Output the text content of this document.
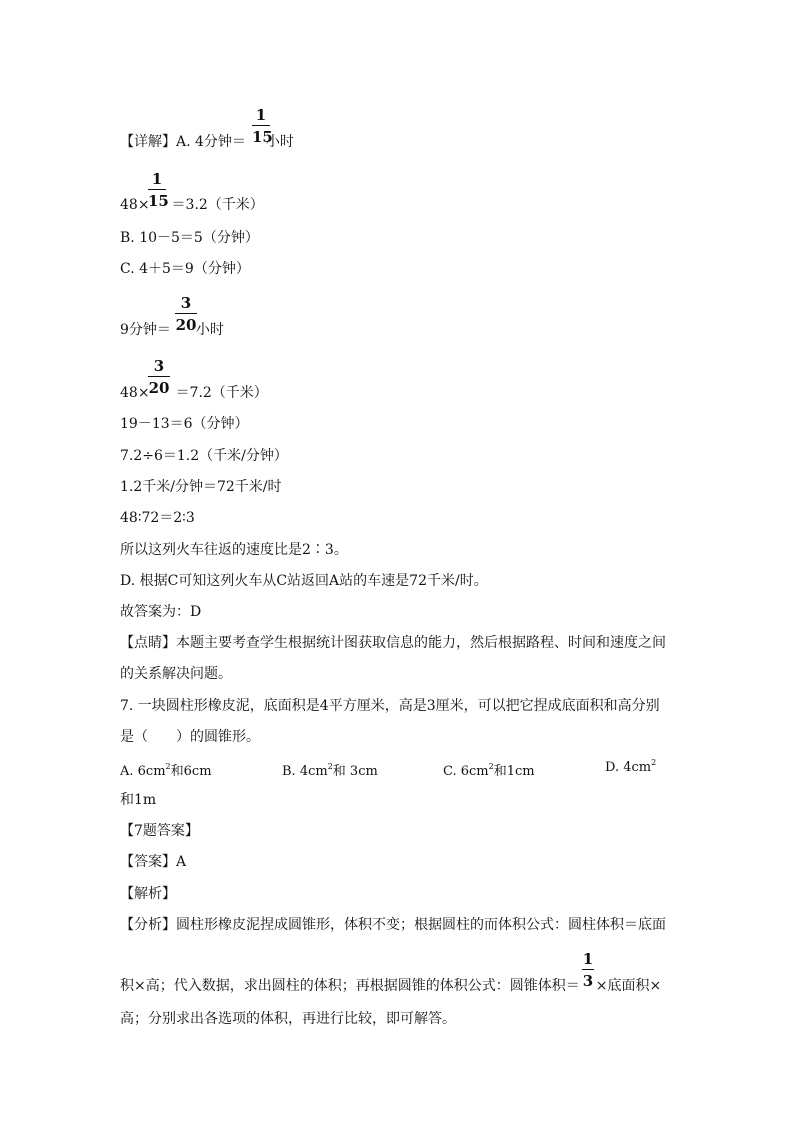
1
15
【详解】A. 4分钟＝ 小时
1
15
48× ＝3.2（千米）
B. 10－5＝5（分钟）
C. 4＋5＝9（分钟）
3
20
9分钟＝ 小时
3
20
48× ＝7.2（千米）
19－13＝6（分钟）
7.2÷6＝1.2（千米/分钟）
1.2千米/分钟＝72千米/时
48∶72＝2∶3
所以这列火车往返的速度比是2∶3。
D. 根据C可知这列火车从C站返回A站的车速是72千米/时。
故答案为：D
【点睛】本题主要考查学生根据统计图获取信息的能力，然后根据路程、时间和速度之间
的关系解决问题。
7. 一块圆柱形橡皮泥，底面积是4平方厘米，高是3厘米，可以把它捏成底面积和高分别
是（　　）的圆锥形。
A. $6cm^2$和6cm	B. $4cm^2$和 3cm	C. $6cm^2$和1cm	D. $4cm^2$
和1m
【7题答案】
【答案】A
【解析】
【分析】圆柱形橡皮泥捏成圆锥形，体积不变；根据圆柱的而体积公式：圆柱体积＝底面
1
3
积×高；代入数据，求出圆柱的体积；再根据圆锥的体积公式：圆锥体积＝ ×底面积×
高；分别求出各选项的体积，再进行比较，即可解答。
